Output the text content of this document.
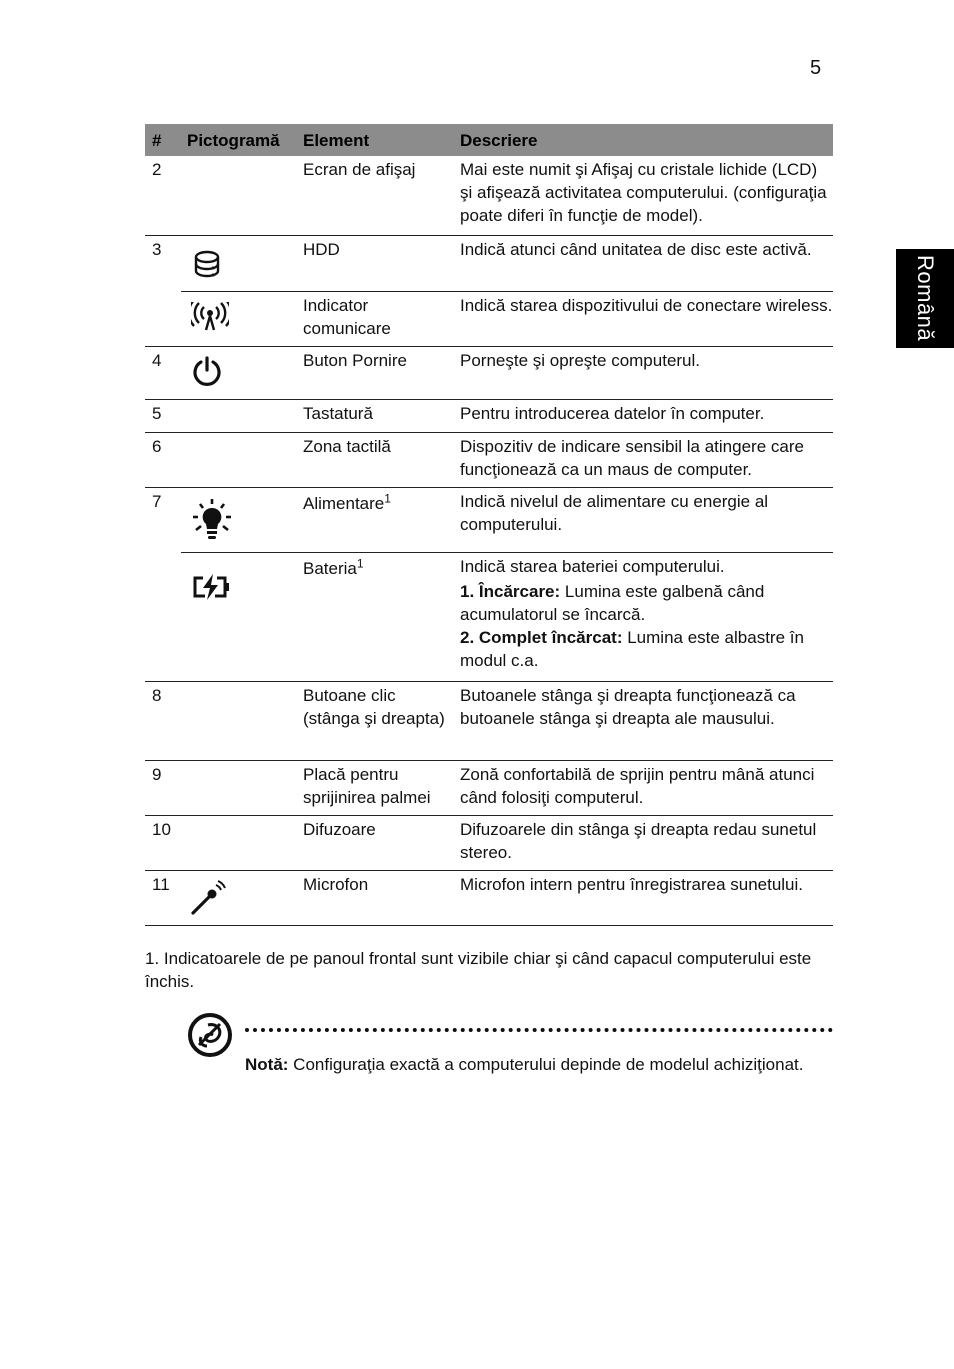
5
Română
#	Pictogramă	Element	Descriere
2		Ecran de afişaj	Mai este numit şi Afişaj cu cristale lichide (LCD) şi afişează activitatea computerului. (configuraţia poate diferi în funcţie de model).
3		HDD	Indică atunci când unitatea de disc este activă.
		Indicator comunicare	Indică starea dispozitivului de conectare wireless.
4		Buton Pornire	Porneşte şi opreşte computerul.
5		Tastatură	Pentru introducerea datelor în computer.
6		Zona tactilă	Dispozitiv de indicare sensibil la atingere care funcţionează ca un maus de computer.
7		Alimentare$^1$	Indică nivelul de alimentare cu energie al computerului.
		Bateria$^1$	Indică starea bateriei computerului.
1. Încărcare: Lumina este galbenă când acumulatorul se încarcă.
2. Complet încărcat: Lumina este albastre în modul c.a.

8		Butoane clic (stânga şi dreapta)	Butoanele stânga şi dreapta funcţionează ca butoanele stânga şi dreapta ale mausului.
9		Placă pentru sprijinirea palmei	Zonă confortabilă de sprijin pentru mână atunci când folosiţi computerul.
10		Difuzoare	Difuzoarele din stânga şi dreapta redau sunetul stereo.
11		Microfon	Microfon intern pentru înregistrarea sunetului.
1. Indicatoarele de pe panoul frontal sunt vizibile chiar şi când capacul computerului este închis.
Notă: Configuraţia exactă a computerului depinde de modelul achiziţionat.
